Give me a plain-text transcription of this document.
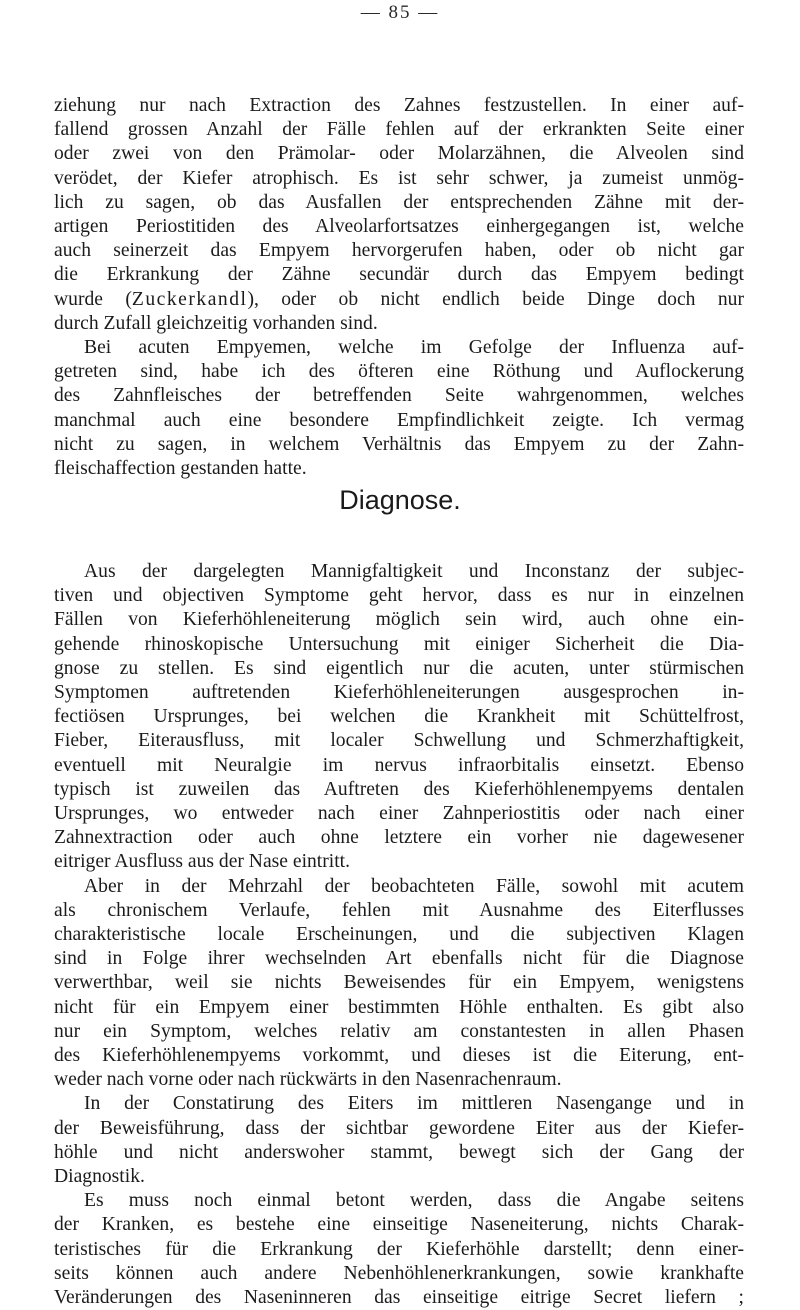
— 85 —
ziehung nur nach Extraction des Zahnes festzustellen. In einer auf-
fallend grossen Anzahl der Fälle fehlen auf der erkrankten Seite einer
oder zwei von den Prämolar- oder Molarzähnen, die Alveolen sind
verödet, der Kiefer atrophisch. Es ist sehr schwer, ja zumeist unmög-
lich zu sagen, ob das Ausfallen der entsprechenden Zähne mit der-
artigen Periostitiden des Alveolarfortsatzes einhergegangen ist, welche
auch seinerzeit das Empyem hervorgerufen haben, oder ob nicht gar
die Erkrankung der Zähne secundär durch das Empyem bedingt
wurde (Zuckerkandl), oder ob nicht endlich beide Dinge doch nur
durch Zufall gleichzeitig vorhanden sind.
Bei acuten Empyemen, welche im Gefolge der Influenza auf-
getreten sind, habe ich des öfteren eine Röthung und Auflockerung
des Zahnfleisches der betreffenden Seite wahrgenommen, welches
manchmal auch eine besondere Empfindlichkeit zeigte. Ich vermag
nicht zu sagen, in welchem Verhältnis das Empyem zu der Zahn-
fleischaffection gestanden hatte.
Diagnose.
Aus der dargelegten Mannigfaltigkeit und Inconstanz der subjec-
tiven und objectiven Symptome geht hervor, dass es nur in einzelnen
Fällen von Kieferhöhleneiterung möglich sein wird, auch ohne ein-
gehende rhinoskopische Untersuchung mit einiger Sicherheit die Dia-
gnose zu stellen. Es sind eigentlich nur die acuten, unter stürmischen
Symptomen auftretenden Kieferhöhleneiterungen ausgesprochen in-
fectiösen Ursprunges, bei welchen die Krankheit mit Schüttelfrost,
Fieber, Eiterausfluss, mit localer Schwellung und Schmerzhaftigkeit,
eventuell mit Neuralgie im nervus infraorbitalis einsetzt. Ebenso
typisch ist zuweilen das Auftreten des Kieferhöhlenempyems dentalen
Ursprunges, wo entweder nach einer Zahnperiostitis oder nach einer
Zahnextraction oder auch ohne letztere ein vorher nie dagewesener
eitriger Ausfluss aus der Nase eintritt.
Aber in der Mehrzahl der beobachteten Fälle, sowohl mit acutem
als chronischem Verlaufe, fehlen mit Ausnahme des Eiterflusses
charakteristische locale Erscheinungen, und die subjectiven Klagen
sind in Folge ihrer wechselnden Art ebenfalls nicht für die Diagnose
verwerthbar, weil sie nichts Beweisendes für ein Empyem, wenigstens
nicht für ein Empyem einer bestimmten Höhle enthalten. Es gibt also
nur ein Symptom, welches relativ am constantesten in allen Phasen
des Kieferhöhlenempyems vorkommt, und dieses ist die Eiterung, ent-
weder nach vorne oder nach rückwärts in den Nasenrachenraum.
In der Constatirung des Eiters im mittleren Nasengange und in
der Beweisführung, dass der sichtbar gewordene Eiter aus der Kiefer-
höhle und nicht anderswoher stammt, bewegt sich der Gang der
Diagnostik.
Es muss noch einmal betont werden, dass die Angabe seitens
der Kranken, es bestehe eine einseitige Naseneiterung, nichts Charak-
teristisches für die Erkrankung der Kieferhöhle darstellt; denn einer-
seits können auch andere Nebenhöhlenerkrankungen, sowie krankhafte
Veränderungen des Naseninneren das einseitige eitrige Secret liefern ;
